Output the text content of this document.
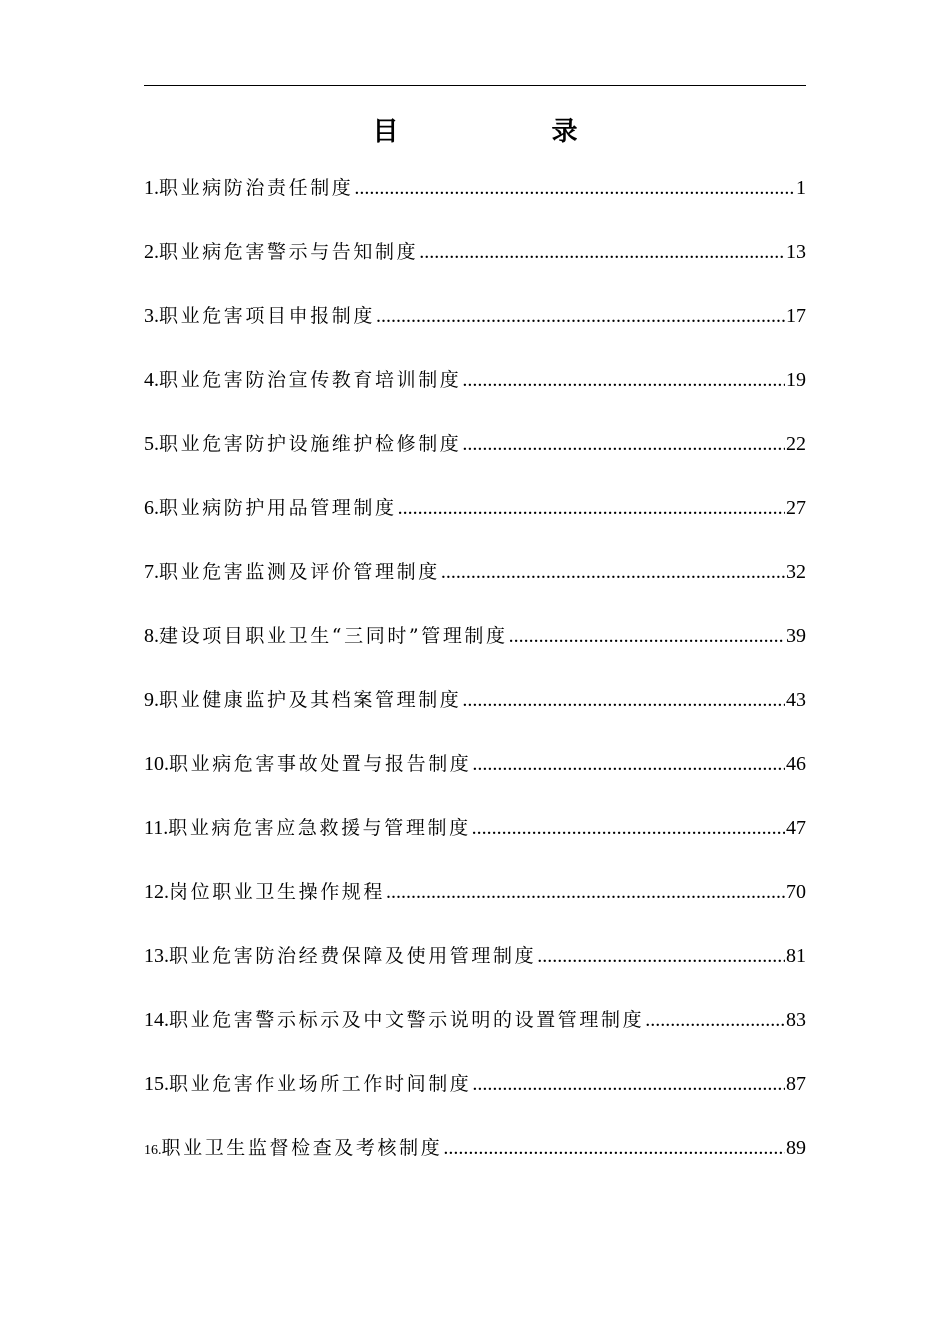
目 录
1. 职业病防治责任制度 .....	1
2. 职业病危害警示与告知制度 .....	13
3. 职业危害项目申报制度 .....	17
4. 职业危害防治宣传教育培训制度 .....	19
5. 职业危害防护设施维护检修制度 .....	22
6. 职业病防护用品管理制度 .....	27
7. 职业危害监测及评价管理制度 .....	32
8. 建设项目职业卫生“三同时”管理制度 .....	39
9. 职业健康监护及其档案管理制度 .....	43
10. 职业病危害事故处置与报告制度 .....	46
11. 职业病危害应急救援与管理制度 .....	47
12. 岗位职业卫生操作规程 .....	70
13. 职业危害防治经费保障及使用管理制度 .....	81
14. 职业危害警示标示及中文警示说明的设置管理制度 .....	83
15. 职业危害作业场所工作时间制度 .....	87
16. 职业卫生监督检查及考核制度 .....	89
